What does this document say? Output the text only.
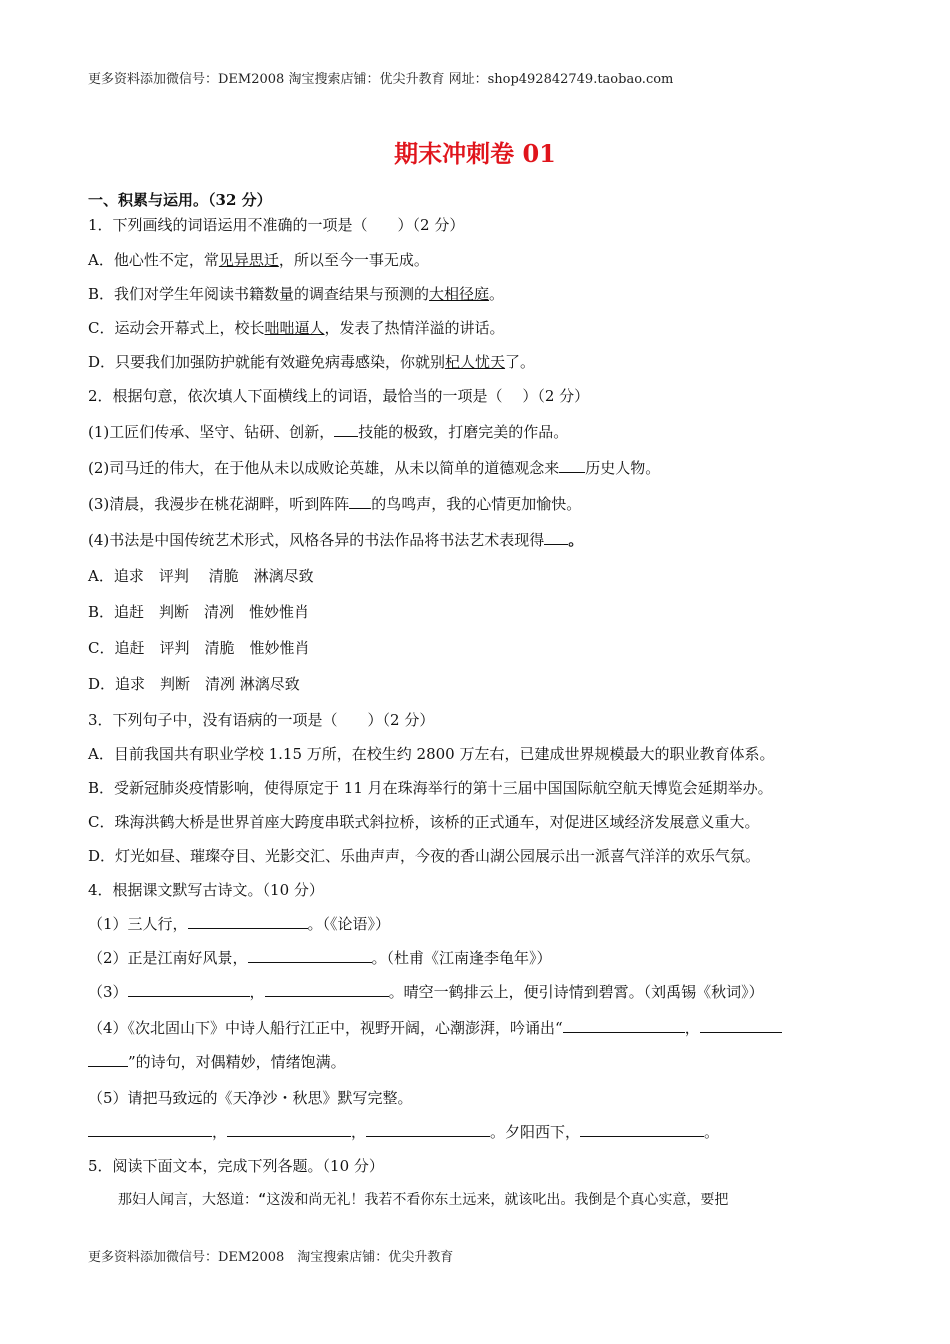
更多资料添加微信号：DEM2008 淘宝搜索店铺：优尖升教育 网址：shop492842749.taobao.com
期末冲刺卷 01
一、积累与运用。（32 分）
1．下列画线的词语运用不准确的一项是（　　）（2 分）
A．他心性不定，常见异思迁，所以至今一事无成。
B．我们对学生年阅读书籍数量的调查结果与预测的大相径庭。
C．运动会开幕式上，校长咄咄逼人，发表了热情洋溢的讲话。
D．只要我们加强防护就能有效避免病毒感染，你就别杞人忧天了。
2．根据句意，依次填人下面横线上的词语，最恰当的一项是（　 ）（2 分）
(1)工匠们传承、坚守、钻研、创新， 技能的极致，打磨完美的作品。
(2)司马迁的伟大，在于他从未以成败论英雄，从未以简单的道德观念来 历史人物。
(3)清晨，我漫步在桃花湖畔，听到阵阵 的鸟鸣声，我的心情更加愉快。
(4)书法是中国传统艺术形式，风格各异的书法作品将书法艺术表现得 。
A．追求　评判　 清脆　淋漓尽致
B．追赶　判断　清冽　惟妙惟肖
C．追赶　评判　清脆　惟妙惟肖
D．追求　判断　清冽 淋漓尽致
3．下列句子中，没有语病的一项是（　　）（2 分）
A．目前我国共有职业学校 1.15 万所，在校生约 2800 万左右，已建成世界规模最大的职业教育体系。
B．受新冠肺炎疫情影响，使得原定于 11 月在珠海举行的第十三届中国国际航空航天博览会延期举办。
C．珠海洪鹤大桥是世界首座大跨度串联式斜拉桥，该桥的正式通车，对促进区域经济发展意义重大。
D．灯光如昼、璀璨夺目、光影交汇、乐曲声声，今夜的香山湖公园展示出一派喜气洋洋的欢乐气氛。
4．根据课文默写古诗文。（10 分）
（1）三人行，	。（《论语》）
（2）正是江南好风景，	。（杜甫《江南逢李龟年》）
（3）	，	。晴空一鹤排云上，便引诗情到碧霄。（刘禹锡《秋词》）
（4）《次北固山下》中诗人船行江正中，视野开阔，心潮澎湃，吟诵出“	，
”的诗句，对偶精妙，情绪饱满。
（5）请把马致远的《天净沙・秋思》默写完整。
，	，	。夕阳西下，	。
5．阅读下面文本，完成下列各题。（10 分）
那妇人闻言，大怒道：“这泼和尚无礼！我若不看你东土远来，就该叱出。我倒是个真心实意，要把
更多资料添加微信号：DEM2008　淘宝搜索店铺：优尖升教育
